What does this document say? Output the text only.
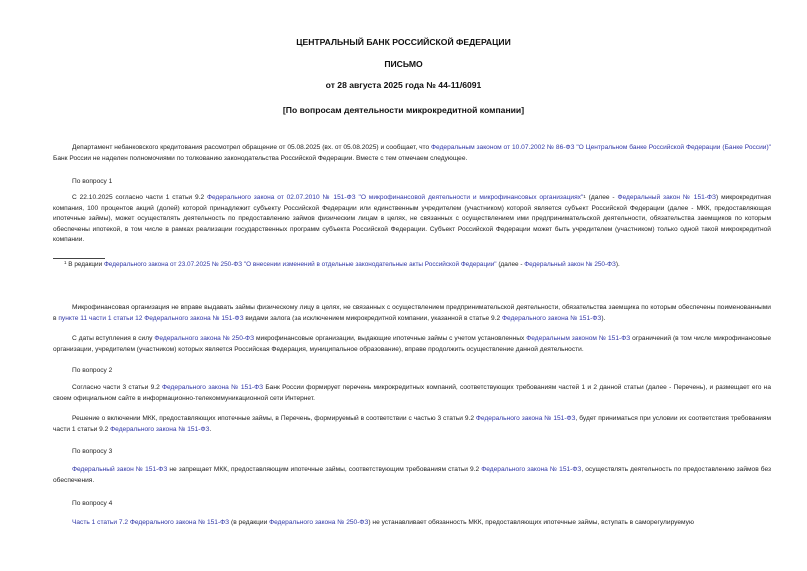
ЦЕНТРАЛЬНЫЙ БАНК РОССИЙСКОЙ ФЕДЕРАЦИИ
ПИСЬМО
от 28 августа 2025 года № 44-11/6091
[По вопросам деятельности микрокредитной компании]
Департамент небанковского кредитования рассмотрел обращение от 05.08.2025 (вх. от 05.08.2025) и сообщает, что Федеральным законом от 10.07.2002 № 86-ФЗ "О Центральном банке Российской Федерации (Банке России)" Банк России не наделен полномочиями по толкованию законодательства Российской Федерации. Вместе с тем отмечаем следующее.
По вопросу 1
С 22.10.2025 согласно части 1 статьи 9.2 Федерального закона от 02.07.2010 № 151-ФЗ "О микрофинансовой деятельности и микрофинансовых организациях"$^1$ (далее - Федеральный закон № 151-ФЗ) микрокредитная компания, 100 процентов акций (долей) которой принадлежит субъекту Российской Федерации или единственным учредителем (участником) которой является субъект Российской Федерации (далее - МКК, предоставляющая ипотечные займы), может осуществлять деятельность по предоставлению займов физическим лицам в целях, не связанных с осуществлением ими предпринимательской деятельности, обязательства заемщиков по которым обеспечены ипотекой, в том числе в рамках реализации государственных программ субъекта Российской Федерации. Субъект Российской Федерации может быть учредителем (участником) только одной такой микрокредитной компании.
$^1$ В редакции Федерального закона от 23.07.2025 № 250-ФЗ "О внесении изменений в отдельные законодательные акты Российской Федерации" (далее - Федеральный закон № 250-ФЗ).
Микрофинансовая организация не вправе выдавать займы физическому лицу в целях, не связанных с осуществлением предпринимательской деятельности, обязательства заемщика по которым обеспечены поименованными в пункте 11 части 1 статьи 12 Федерального закона № 151-ФЗ видами залога (за исключением микрокредитной компании, указанной в статье 9.2 Федерального закона № 151-ФЗ).
С даты вступления в силу Федерального закона № 250-ФЗ микрофинансовые организации, выдающие ипотечные займы с учетом установленных Федеральным законом № 151-ФЗ ограничений (в том числе микрофинансовые организации, учредителем (участником) которых является Российская Федерация, муниципальное образование), вправе продолжить осуществление данной деятельности.
По вопросу 2
Согласно части 3 статьи 9.2 Федерального закона № 151-ФЗ Банк России формирует перечень микрокредитных компаний, соответствующих требованиям частей 1 и 2 данной статьи (далее - Перечень), и размещает его на своем официальном сайте в информационно-телекоммуникационной сети Интернет.
Решение о включении МКК, предоставляющих ипотечные займы, в Перечень, формируемый в соответствии с частью 3 статьи 9.2 Федерального закона № 151-ФЗ, будет приниматься при условии их соответствия требованиям части 1 статьи 9.2 Федерального закона № 151-ФЗ.
По вопросу 3
Федеральный закон № 151-ФЗ не запрещает МКК, предоставляющим ипотечные займы, соответствующим требованиям статьи 9.2 Федерального закона № 151-ФЗ, осуществлять деятельность по предоставлению займов без обеспечения.
По вопросу 4
Часть 1 статьи 7.2 Федерального закона № 151-ФЗ (в редакции Федерального закона № 250-ФЗ) не устанавливает обязанность МКК, предоставляющих ипотечные займы, вступать в саморегулируемую
